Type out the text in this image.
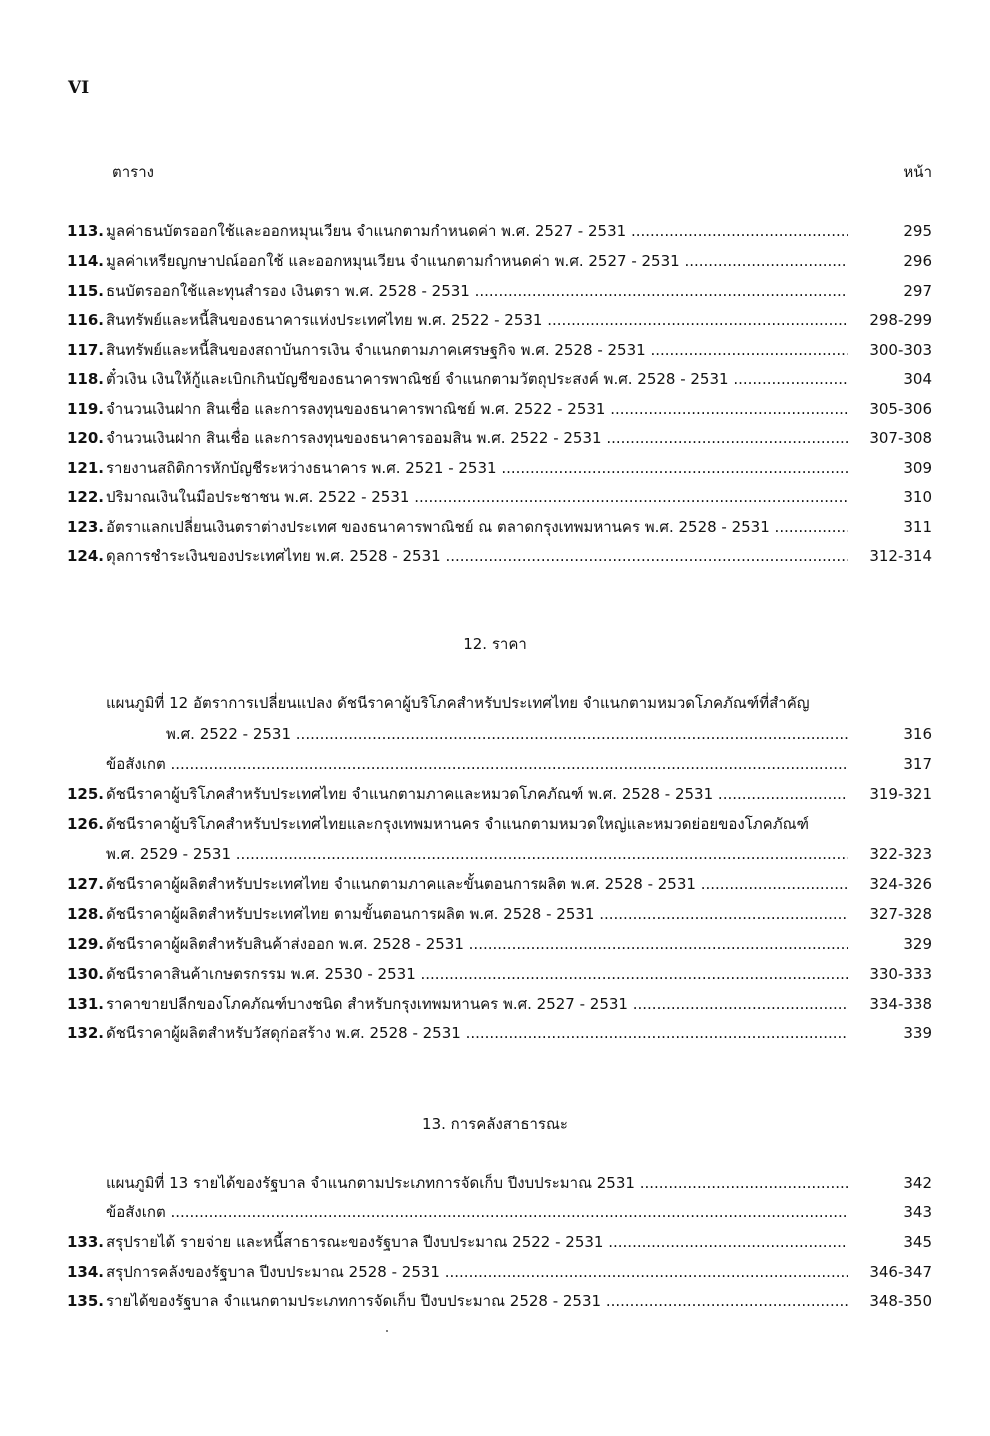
VI
ตาราง	หน้า
113. มูลค่าธนบัตรออกใช้และออกหมุนเวียน จำแนกตามกำหนดค่า พ.ศ. 2527 - 2531 .....	295
114. มูลค่าเหรียญกษาปณ์ออกใช้ และออกหมุนเวียน จำแนกตามกำหนดค่า พ.ศ. 2527 - 2531 .....	296
115. ธนบัตรออกใช้และทุนสำรอง เงินตรา พ.ศ. 2528 - 2531 .....	297
116. สินทรัพย์และหนี้สินของธนาคารแห่งประเทศไทย พ.ศ. 2522 - 2531 .....	298-299
117. สินทรัพย์และหนี้สินของสถาบันการเงิน จำแนกตามภาคเศรษฐกิจ พ.ศ. 2528 - 2531 .....	300-303
118. ตั๋วเงิน เงินให้กู้และเบิกเกินบัญชีของธนาคารพาณิชย์ จำแนกตามวัตถุประสงค์ พ.ศ. 2528 - 2531 .....	304
119. จำนวนเงินฝาก สินเชื่อ และการลงทุนของธนาคารพาณิชย์ พ.ศ. 2522 - 2531 .....	305-306
120. จำนวนเงินฝาก สินเชื่อ และการลงทุนของธนาคารออมสิน พ.ศ. 2522 - 2531 .....	307-308
121. รายงานสถิติการหักบัญชีระหว่างธนาคาร พ.ศ. 2521 - 2531 .....	309
122. ปริมาณเงินในมือประชาชน พ.ศ. 2522 - 2531 .....	310
123. อัตราแลกเปลี่ยนเงินตราต่างประเทศ ของธนาคารพาณิชย์ ณ ตลาดกรุงเทพมหานคร พ.ศ. 2528 - 2531 .....	311
124. ดุลการชำระเงินของประเทศไทย พ.ศ. 2528 - 2531 .....	312-314
12. ราคา
แผนภูมิที่ 12 อัตราการเปลี่ยนแปลง ดัชนีราคาผู้บริโภคสำหรับประเทศไทย จำแนกตามหมวดโภคภัณฑ์ที่สำคัญ
พ.ศ. 2522 - 2531 .....	316
ข้อสังเกต .....	317
125. ดัชนีราคาผู้บริโภคสำหรับประเทศไทย จำแนกตามภาคและหมวดโภคภัณฑ์ พ.ศ. 2528 - 2531 .....	319-321
126. ดัชนีราคาผู้บริโภคสำหรับประเทศไทยและกรุงเทพมหานคร จำแนกตามหมวดใหญ่และหมวดย่อยของโภคภัณฑ์
พ.ศ. 2529 - 2531 .....	322-323
127. ดัชนีราคาผู้ผลิตสำหรับประเทศไทย จำแนกตามภาคและขั้นตอนการผลิต พ.ศ. 2528 - 2531 .....	324-326
128. ดัชนีราคาผู้ผลิตสำหรับประเทศไทย ตามขั้นตอนการผลิต พ.ศ. 2528 - 2531 .....	327-328
129. ดัชนีราคาผู้ผลิตสำหรับสินค้าส่งออก พ.ศ. 2528 - 2531 .....	329
130. ดัชนีราคาสินค้าเกษตรกรรม พ.ศ. 2530 - 2531 .....	330-333
131. ราคาขายปลีกของโภคภัณฑ์บางชนิด สำหรับกรุงเทพมหานคร พ.ศ. 2527 - 2531 .....	334-338
132. ดัชนีราคาผู้ผลิตสำหรับวัสดุก่อสร้าง พ.ศ. 2528 - 2531 .....	339
13. การคลังสาธารณะ
แผนภูมิที่ 13 รายได้ของรัฐบาล จำแนกตามประเภทการจัดเก็บ ปีงบประมาณ 2531 .....	342
ข้อสังเกต .....	343
133. สรุปรายได้ รายจ่าย และหนี้สาธารณะของรัฐบาล ปีงบประมาณ 2522 - 2531 .....	345
134. สรุปการคลังของรัฐบาล ปีงบประมาณ 2528 - 2531 .....	346-347
135. รายได้ของรัฐบาล จำแนกตามประเภทการจัดเก็บ ปีงบประมาณ 2528 - 2531 .....	348-350
